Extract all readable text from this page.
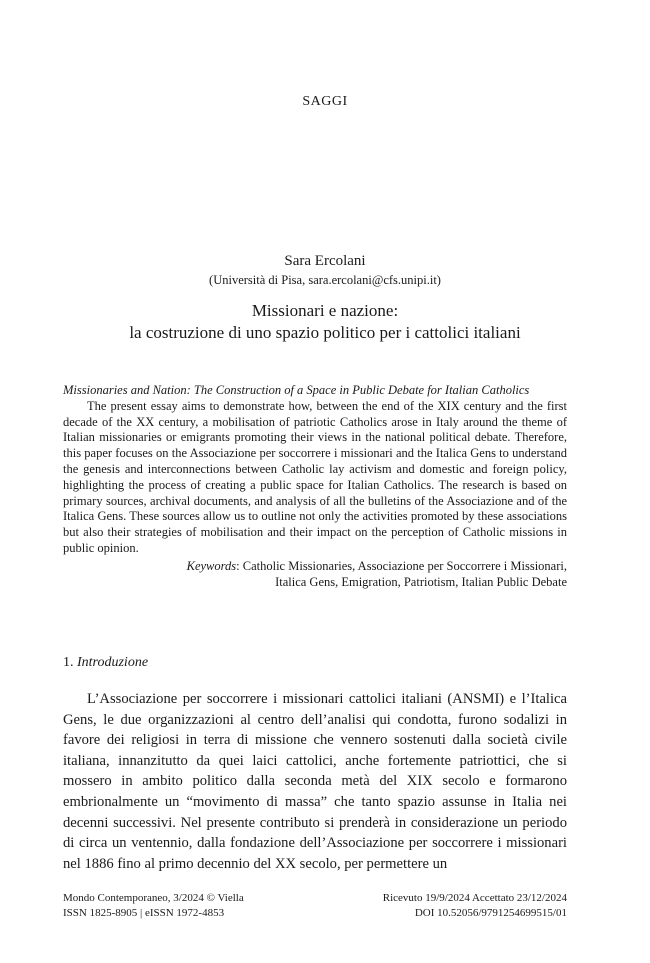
SAGGI
Sara Ercolani
(Università di Pisa, sara.ercolani@cfs.unipi.it)
Missionari e nazione:
la costruzione di uno spazio politico per i cattolici italiani
Missionaries and Nation: The Construction of a Space in Public Debate for Italian Catholics

The present essay aims to demonstrate how, between the end of the XIX century and the first decade of the XX century, a mobilisation of patriotic Catholics arose in Italy around the theme of Italian missionaries or emigrants promoting their views in the national political debate. Therefore, this paper focuses on the Associazione per soccorrere i missionari and the Italica Gens to understand the genesis and interconnections between Catholic lay activism and domestic and foreign policy, highlighting the process of creating a public space for Italian Catholics. The research is based on primary sources, archival documents, and analysis of all the bulletins of the Associazione and of the Italica Gens. These sources allow us to outline not only the activities promoted by these associations but also their strategies of mobilisation and their impact on the perception of Catholic missions in public opinion.

Keywords: Catholic Missionaries, Associazione per Soccorrere i Missionari,
Italica Gens, Emigration, Patriotism, Italian Public Debate
1. Introduzione

L’Associazione per soccorrere i missionari cattolici italiani (ANSMI) e l’Italica Gens, le due organizzazioni al centro dell’analisi qui condotta, furono sodalizi in favore dei religiosi in terra di missione che vennero sostenuti dalla società civile italiana, innanzitutto da quei laici cattolici, anche fortemente patriottici, che si mossero in ambito politico dalla seconda metà del XIX secolo e formarono embrionalmente un “movimento di massa” che tanto spazio assunse in Italia nei decenni successivi. Nel presente contributo si prenderà in considerazione un periodo di circa un ventennio, dalla fondazione dell’Associazione per soccorrere i missionari nel 1886 fino al primo decennio del XX secolo, per permettere un

Mondo Contemporaneo, 3/2024 © Viella
ISSN 1825-8905 | eISSN 1972-4853
Ricevuto 19/9/2024 Accettato 23/12/2024
DOI 10.52056/9791254699515/01
